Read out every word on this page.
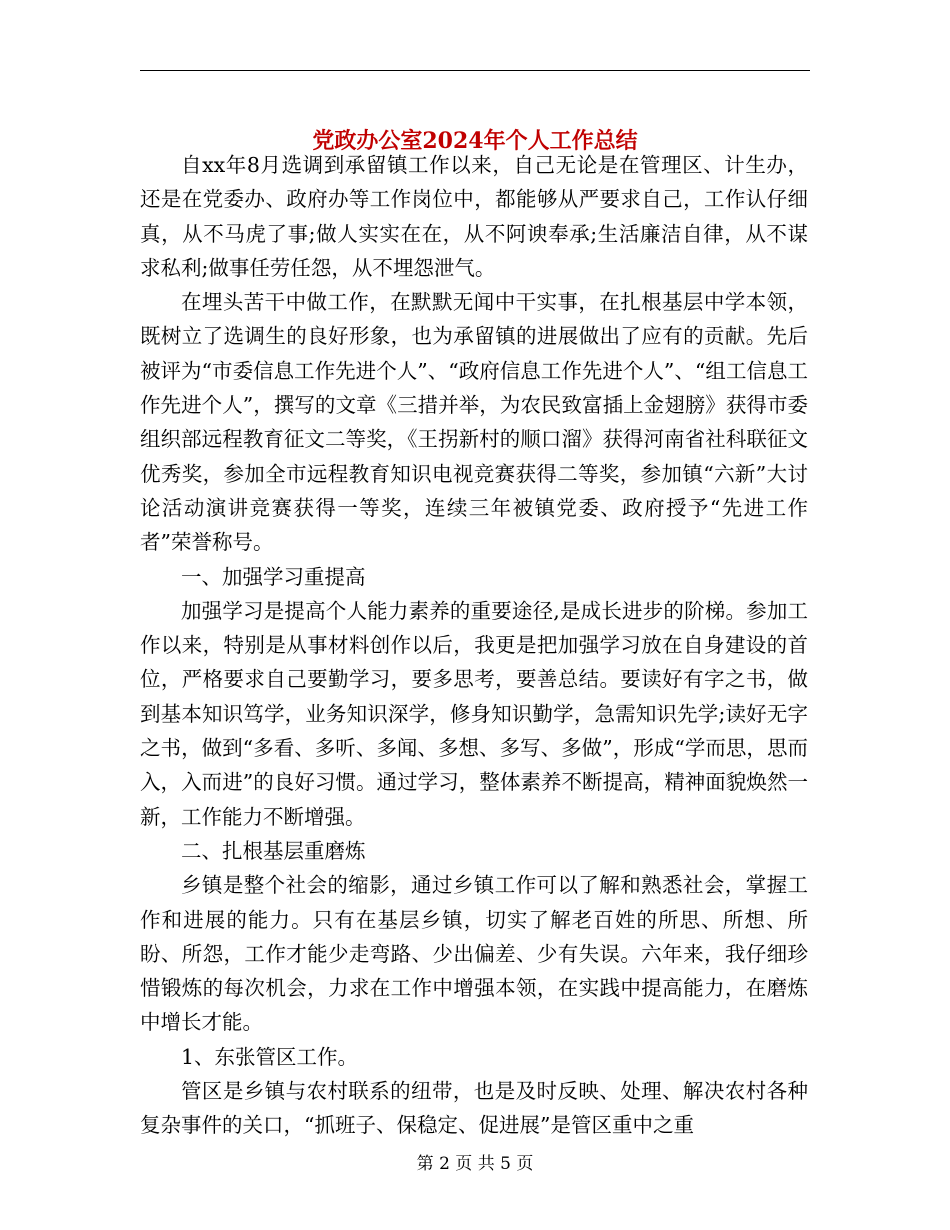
党政办公室2024年个人工作总结

自xx年8月选调到承留镇工作以来，自己无论是在管理区、计生办，还是在党委办、政府办等工作岗位中，都能够从严要求自己，工作认仔细真，从不马虎了事;做人实实在在，从不阿谀奉承;生活廉洁自律，从不谋求私利;做事任劳任怨，从不埋怨泄气。

在埋头苦干中做工作，在默默无闻中干实事，在扎根基层中学本领，既树立了选调生的良好形象，也为承留镇的进展做出了应有的贡献。先后被评为“市委信息工作先进个人”、“政府信息工作先进个人”、“组工信息工作先进个人”，撰写的文章《三措并举，为农民致富插上金翅膀》获得市委组织部远程教育征文二等奖，《王拐新村的顺口溜》获得河南省社科联征文优秀奖，参加全市远程教育知识电视竞赛获得二等奖，参加镇“六新”大讨论活动演讲竞赛获得一等奖，连续三年被镇党委、政府授予“先进工作者”荣誉称号。

一、加强学习重提高

加强学习是提高个人能力素养的重要途径,是成长进步的阶梯。参加工作以来，特别是从事材料创作以后，我更是把加强学习放在自身建设的首位，严格要求自己要勤学习，要多思考，要善总结。要读好有字之书，做到基本知识笃学，业务知识深学，修身知识勤学，急需知识先学;读好无字之书，做到“多看、多听、多闻、多想、多写、多做”，形成“学而思，思而入，入而进”的良好习惯。通过学习，整体素养不断提高，精神面貌焕然一新，工作能力不断增强。

二、扎根基层重磨炼

乡镇是整个社会的缩影，通过乡镇工作可以了解和熟悉社会，掌握工作和进展的能力。只有在基层乡镇，切实了解老百姓的所思、所想、所盼、所怨，工作才能少走弯路、少出偏差、少有失误。六年来，我仔细珍惜锻炼的每次机会，力求在工作中增强本领，在实践中提高能力，在磨炼中增长才能。

1、东张管区工作。

管区是乡镇与农村联系的纽带，也是及时反映、处理、解决农村各种复杂事件的关口，“抓班子、保稳定、促进展”是管区重中之重

第 2 页 共 5 页
